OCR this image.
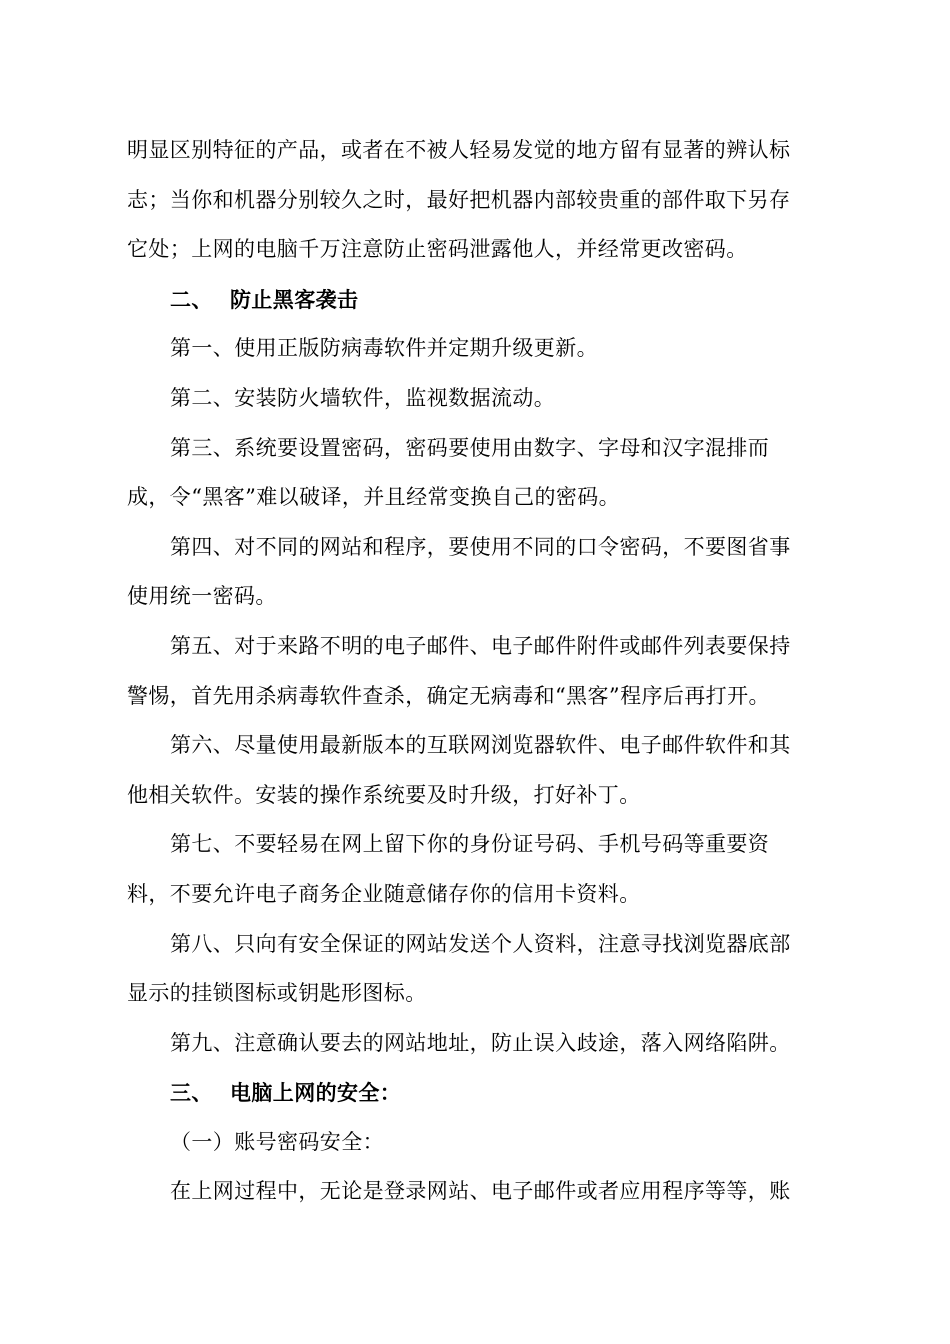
明显区别特征的产品，或者在不被人轻易发觉的地方留有显著的辨认标
志；当你和机器分别较久之时，最好把机器内部较贵重的部件取下另存
它处；上网的电脑千万注意防止密码泄露他人，并经常更改密码。

二、 防止黑客袭击

第一、使用正版防病毒软件并定期升级更新。

第二、安装防火墙软件，监视数据流动。

第三、系统要设置密码，密码要使用由数字、字母和汉字混排而
成，令“黑客”难以破译，并且经常变换自己的密码。

第四、对不同的网站和程序，要使用不同的口令密码，不要图省事
使用统一密码。

第五、对于来路不明的电子邮件、电子邮件附件或邮件列表要保持
警惕，首先用杀病毒软件查杀，确定无病毒和“黑客”程序后再打开。

第六、尽量使用最新版本的互联网浏览器软件、电子邮件软件和其
他相关软件。安装的操作系统要及时升级，打好补丁。

第七、不要轻易在网上留下你的身份证号码、手机号码等重要资
料，不要允许电子商务企业随意储存你的信用卡资料。

第八、只向有安全保证的网站发送个人资料，注意寻找浏览器底部
显示的挂锁图标或钥匙形图标。

第九、注意确认要去的网站地址，防止误入歧途，落入网络陷阱。

三、 电脑上网的安全：

（一）账号密码安全：

在上网过程中，无论是登录网站、电子邮件或者应用程序等等，账
